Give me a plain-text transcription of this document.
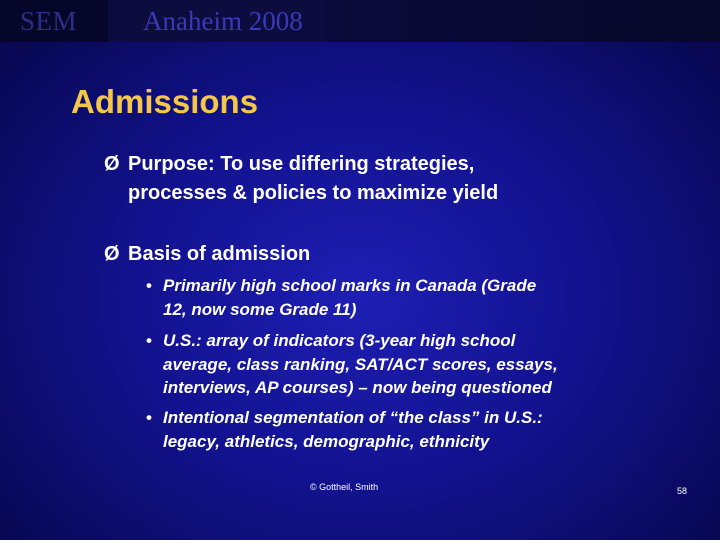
SEM Anaheim 2008
Admissions
Ø Purpose: To use differing strategies,
processes & policies to maximize yield
Ø Basis of admission
• Primarily high school marks in Canada (Grade
12, now some Grade 11)
• U.S.: array of indicators (3-year high school
average, class ranking, SAT/ACT scores, essays,
interviews, AP courses) – now being questioned
• Intentional segmentation of “the class” in U.S.:
legacy, athletics, demographic, ethnicity
© Gottheil, Smith	58
